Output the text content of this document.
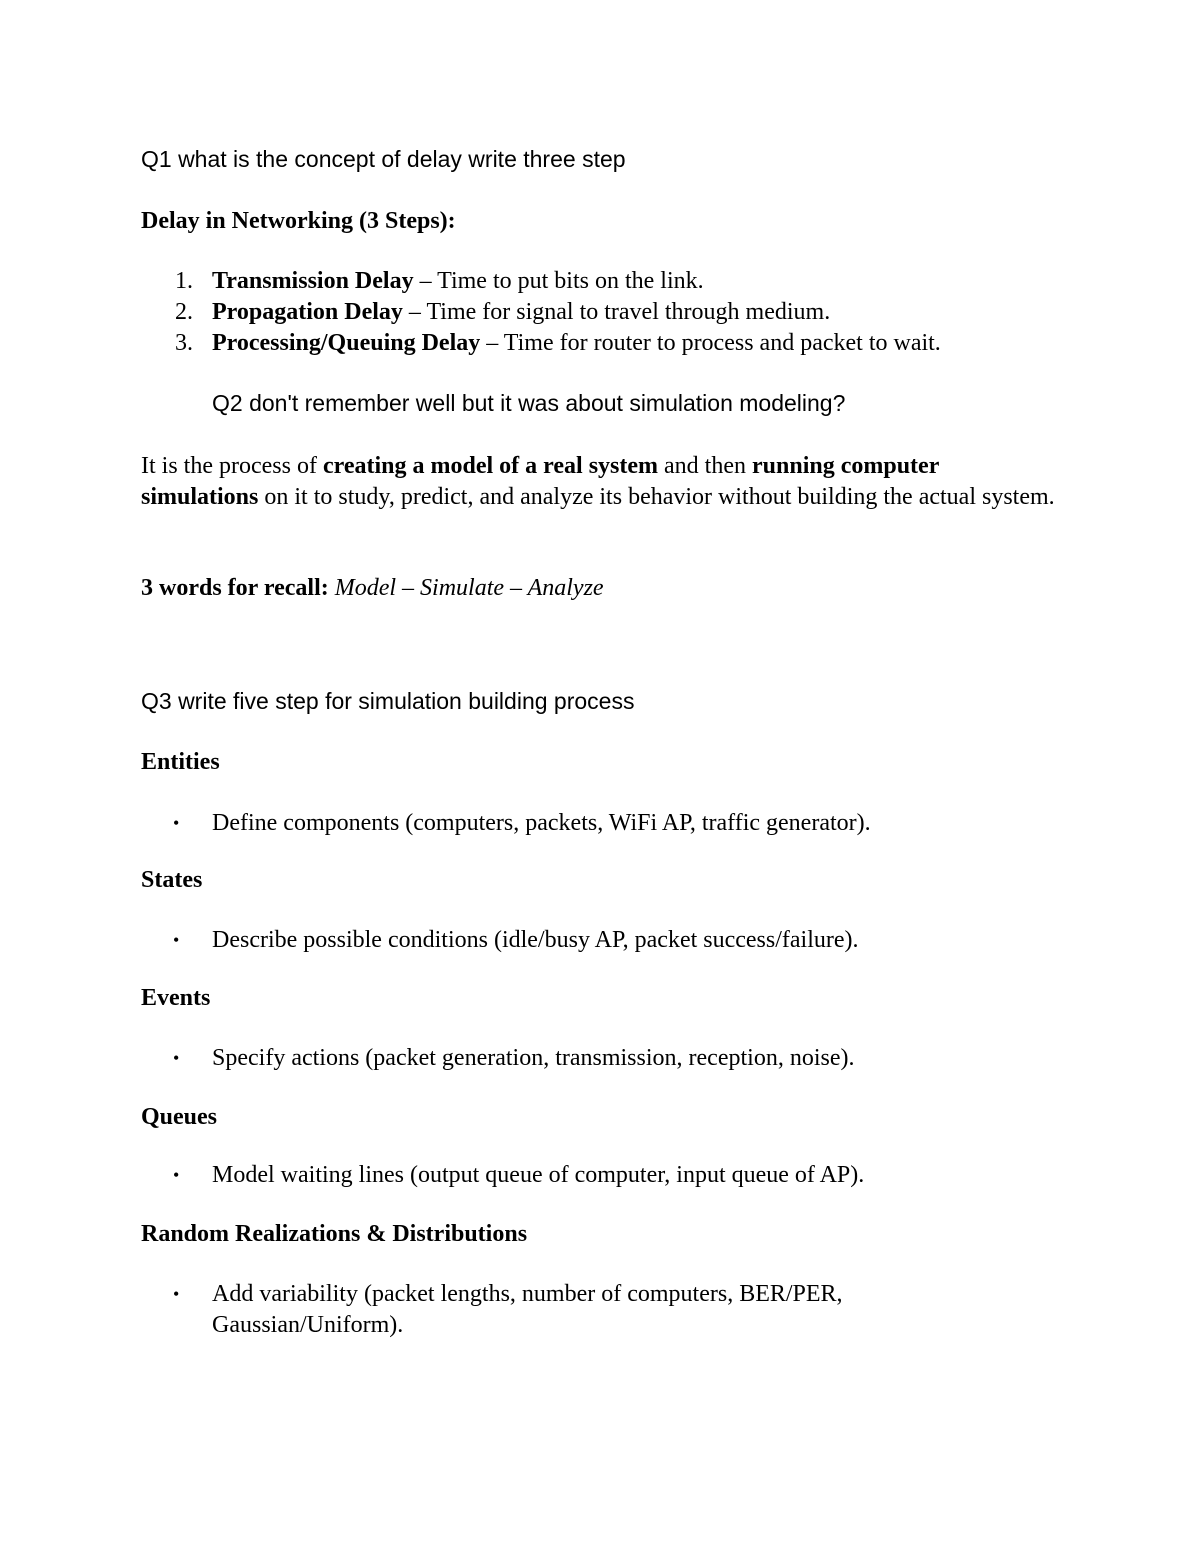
Q1 what is the concept of delay write three step

Delay in Networking (3 Steps):

1. Transmission Delay – Time to put bits on the link.
2. Propagation Delay – Time for signal to travel through medium.
3. Processing/Queuing Delay – Time for router to process and packet to wait.

Q2 don't remember well but it was about simulation modeling?

It is the process of creating a model of a real system and then running computer simulations on it to study, predict, and analyze its behavior without building the actual system.

3 words for recall: Model – Simulate – Analyze

Q3 write five step for simulation building process

Entities

• Define components (computers, packets, WiFi AP, traffic generator).

States

• Describe possible conditions (idle/busy AP, packet success/failure).

Events

• Specify actions (packet generation, transmission, reception, noise).

Queues

• Model waiting lines (output queue of computer, input queue of AP).

Random Realizations & Distributions

• Add variability (packet lengths, number of computers, BER/PER,
Gaussian/Uniform).
